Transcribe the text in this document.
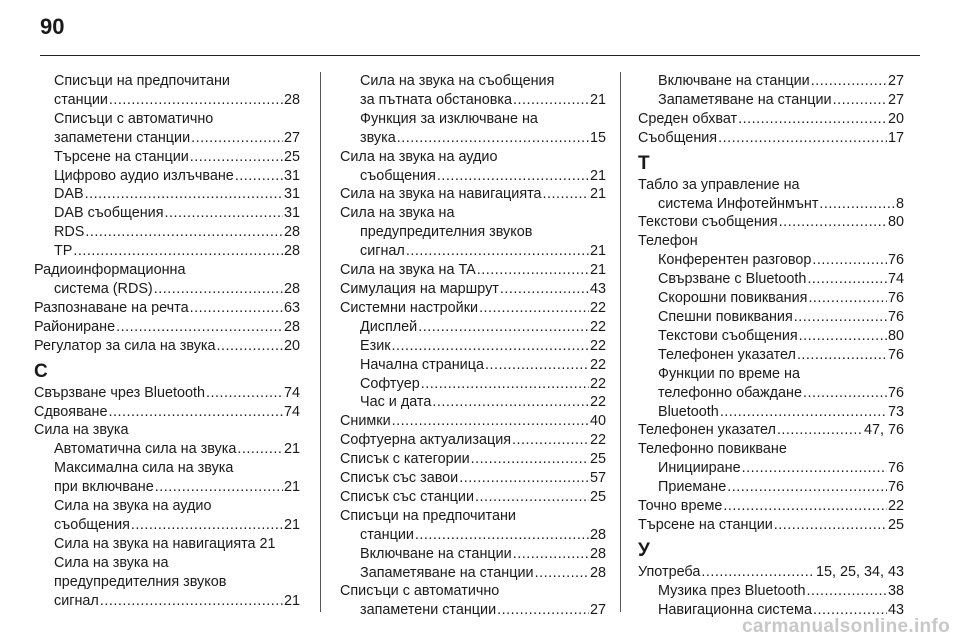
90
Списъци на предпочитани
станции .....	28
Списъци с автоматично
запаметени станции .....	27
Търсене на станции .....	25
Цифрово аудио излъчване .....	31
DAB .....	31
DAB съобщения .....	31
RDS .....	28
TP .....	28
Радиоинформационна
система (RDS) .....	28
Разпознаване на речта .....	63
Райониране .....	28
Регулатор за сила на звука .....	20
С
Свързване чрез Bluetooth .....	74
Сдвояване .....	74
Сила на звука
Автоматична сила на звука .....	21
Максимална сила на звука
при включване .....	21
Сила на звука на аудио
съобщения .....	21
Сила на звука на навигацията 21
Сила на звука на
предупредителния звуков
сигнал .....	21
Сила на звука на съобщения
за пътната обстановка .....	21
Функция за изключване на
звука .....	15
Сила на звука на аудио
съобщения .....	21
Сила на звука на навигацията .....	21
Сила на звука на
предупредителния звуков
сигнал .....	21
Сила на звука на TA .....	21
Симулация на маршрут .....	43
Системни настройки .....	22
Дисплей .....	22
Език .....	22
Начална страница .....	22
Софтуер .....	22
Час и дата .....	22
Снимки .....	40
Софтуерна актуализация .....	22
Списък с категории .....	25
Списък със завои .....	57
Списък със станции .....	25
Списъци на предпочитани
станции .....	28
Включване на станции .....	28
Запаметяване на станции .....	28
Списъци с автоматично
запаметени станции .....	27
Включване на станции .....	27
Запаметяване на станции .....	27
Среден обхват .....	20
Съобщения .....	17
Т
Табло за управление на
система Инфотейнмънт .....	8
Текстови съобщения .....	80
Телефон
Конферентен разговор .....	76
Свързване с Bluetooth .....	74
Скорошни повиквания .....	76
Спешни повиквания .....	76
Текстови съобщения .....	80
Телефонен указател .....	76
Функции по време на
телефонно обаждане .....	76
Bluetooth .....	73
Телефонен указател .....	47, 76
Телефонно повикване
Иницииране .....	76
Приемане .....	76
Точно време .....	22
Търсене на станции .....	25
У
Употреба .....	15, 25, 34, 43
Музика през Bluetooth .....	38
Навигационна система .....	43
carmanualsonline.info
